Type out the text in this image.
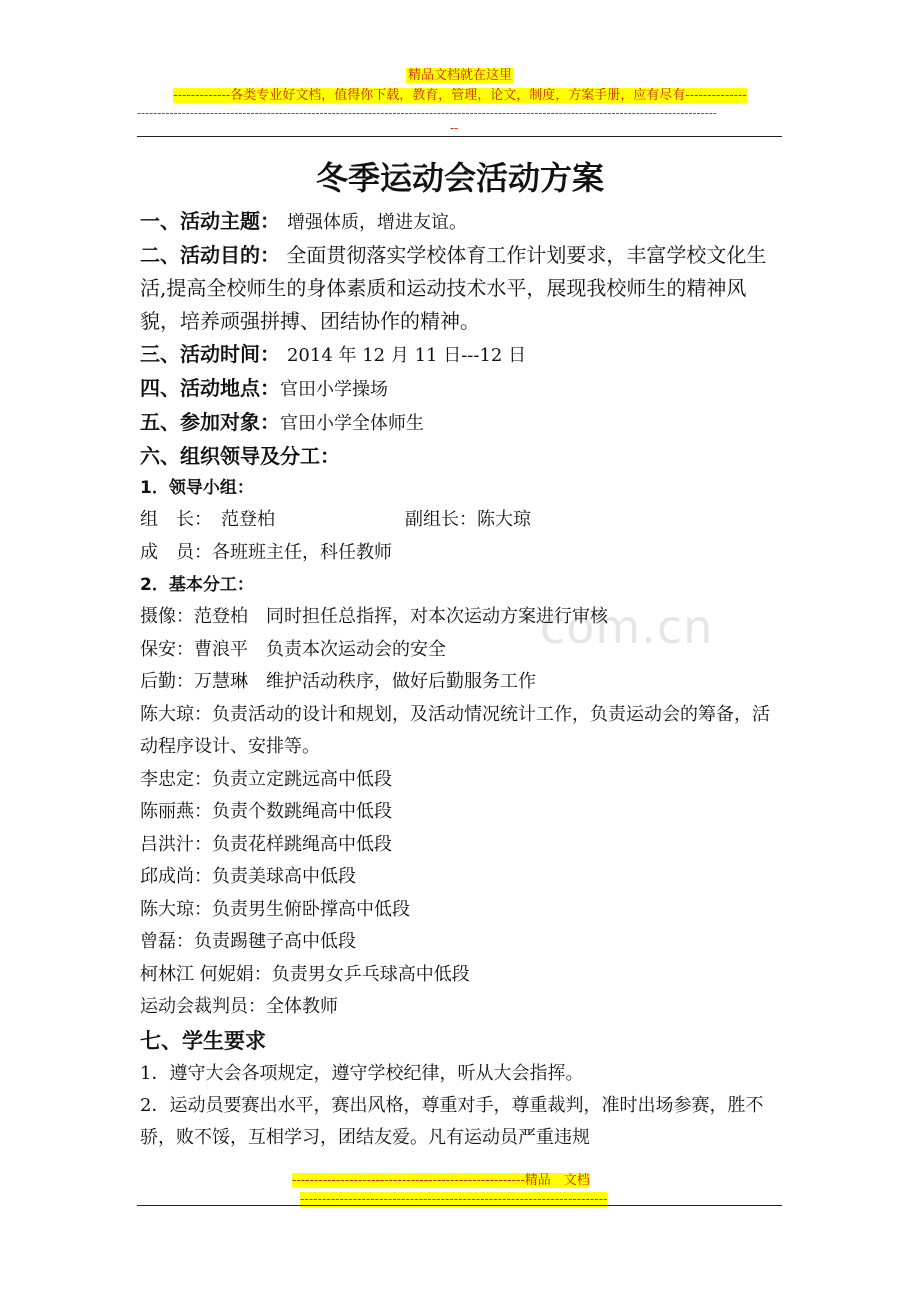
精品文档就在这里
-------------各类专业好文档，值得你下载，教育，管理，论文，制度，方案手册，应有尽有--------------
-----------------------------------------------------------------------------------------------------------------------------------------------
--
com.cn
冬季运动会活动方案

一、活动主题： 增强体质，增进友谊。

二、活动目的： 全面贯彻落实学校体育工作计划要求，丰富学校文化生活,提高全校师生的身体素质和运动技术水平，展现我校师生的精神风貌，培养顽强拼搏、团结协作的精神。

三、活动时间： 2014 年 12 月 11 日---12 日

四、活动地点：官田小学操场

五、参加对象：官田小学全体师生

六、组织领导及分工：

1．领导小组：

组　长：　范登柏	副组长：陈大琼

成　员：各班班主任，科任教师

2．基本分工：

摄像：范登柏　同时担任总指挥，对本次运动方案进行审核

保安：曹浪平　负责本次运动会的安全

后勤：万慧琳　维护活动秩序，做好后勤服务工作

陈大琼：负责活动的设计和规划，及活动情况统计工作，负责运动会的筹备，活动程序设计、安排等。

李忠定：负责立定跳远高中低段

陈丽燕：负责个数跳绳高中低段

吕洪汁：负责花样跳绳高中低段

邱成尚：负责美球高中低段

陈大琼：负责男生俯卧撑高中低段

曾磊：负责踢毽子高中低段

柯林江 何妮娟：负责男女乒乓球高中低段

运动会裁判员：全体教师

七、学生要求

1．遵守大会各项规定，遵守学校纪律，听从大会指挥。

2．运动员要赛出水平，赛出风格，尊重对手，尊重裁判，准时出场参赛，胜不骄，败不馁，互相学习，团结友爱。凡有运动员严重违规

-----------------------------------------------------精品　文档
----------------------------------------------------------------------
